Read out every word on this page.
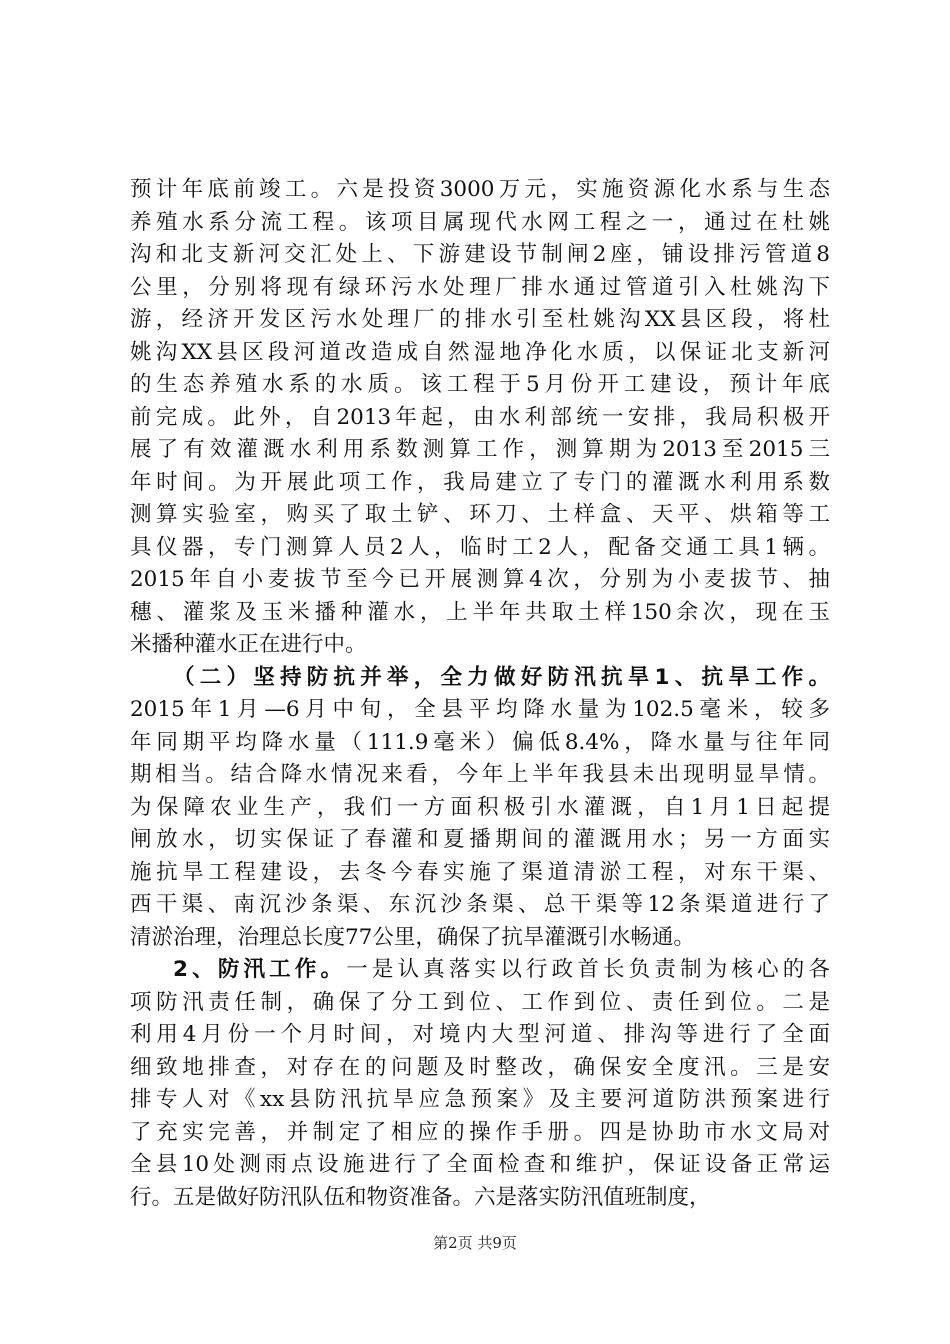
预计年底前竣工。六是投资3000万元，实施资源化水系与生态
养殖水系分流工程。该项目属现代水网工程之一，通过在杜姚
沟和北支新河交汇处上、下游建设节制闸2座，铺设排污管道8
公里，分别将现有绿环污水处理厂排水通过管道引入杜姚沟下
游，经济开发区污水处理厂的排水引至杜姚沟XX县区段，将杜
姚沟XX县区段河道改造成自然湿地净化水质，以保证北支新河
的生态养殖水系的水质。该工程于5月份开工建设，预计年底
前完成。此外，自2013年起，由水利部统一安排，我局积极开
展了有效灌溉水利用系数测算工作，测算期为2013至2015三
年时间。为开展此项工作，我局建立了专门的灌溉水利用系数
测算实验室，购买了取土铲、环刀、土样盒、天平、烘箱等工
具仪器，专门测算人员2人，临时工2人，配备交通工具1辆。
2015年自小麦拔节至今已开展测算4次，分别为小麦拔节、抽
穗、灌浆及玉米播种灌水，上半年共取土样150余次，现在玉
米播种灌水正在进行中。
（二）坚持防抗并举，全力做好防汛抗旱1、抗旱工作。
2015年1月—6月中旬，全县平均降水量为102.5毫米，较多
年同期平均降水量（111.9毫米）偏低8.4%，降水量与往年同
期相当。结合降水情况来看，今年上半年我县未出现明显旱情。
为保障农业生产，我们一方面积极引水灌溉，自1月1日起提
闸放水，切实保证了春灌和夏播期间的灌溉用水；另一方面实
施抗旱工程建设，去冬今春实施了渠道清淤工程，对东干渠、
西干渠、南沉沙条渠、东沉沙条渠、总干渠等12条渠道进行了
清淤治理，治理总长度77公里，确保了抗旱灌溉引水畅通。
2、防汛工作。一是认真落实以行政首长负责制为核心的各
项防汛责任制，确保了分工到位、工作到位、责任到位。二是
利用4月份一个月时间，对境内大型河道、排沟等进行了全面
细致地排查，对存在的问题及时整改，确保安全度汛。三是安
排专人对《xx县防汛抗旱应急预案》及主要河道防洪预案进行
了充实完善，并制定了相应的操作手册。四是协助市水文局对
全县10处测雨点设施进行了全面检查和维护，保证设备正常运
行。五是做好防汛队伍和物资准备。六是落实防汛值班制度，
第2页 共9页
